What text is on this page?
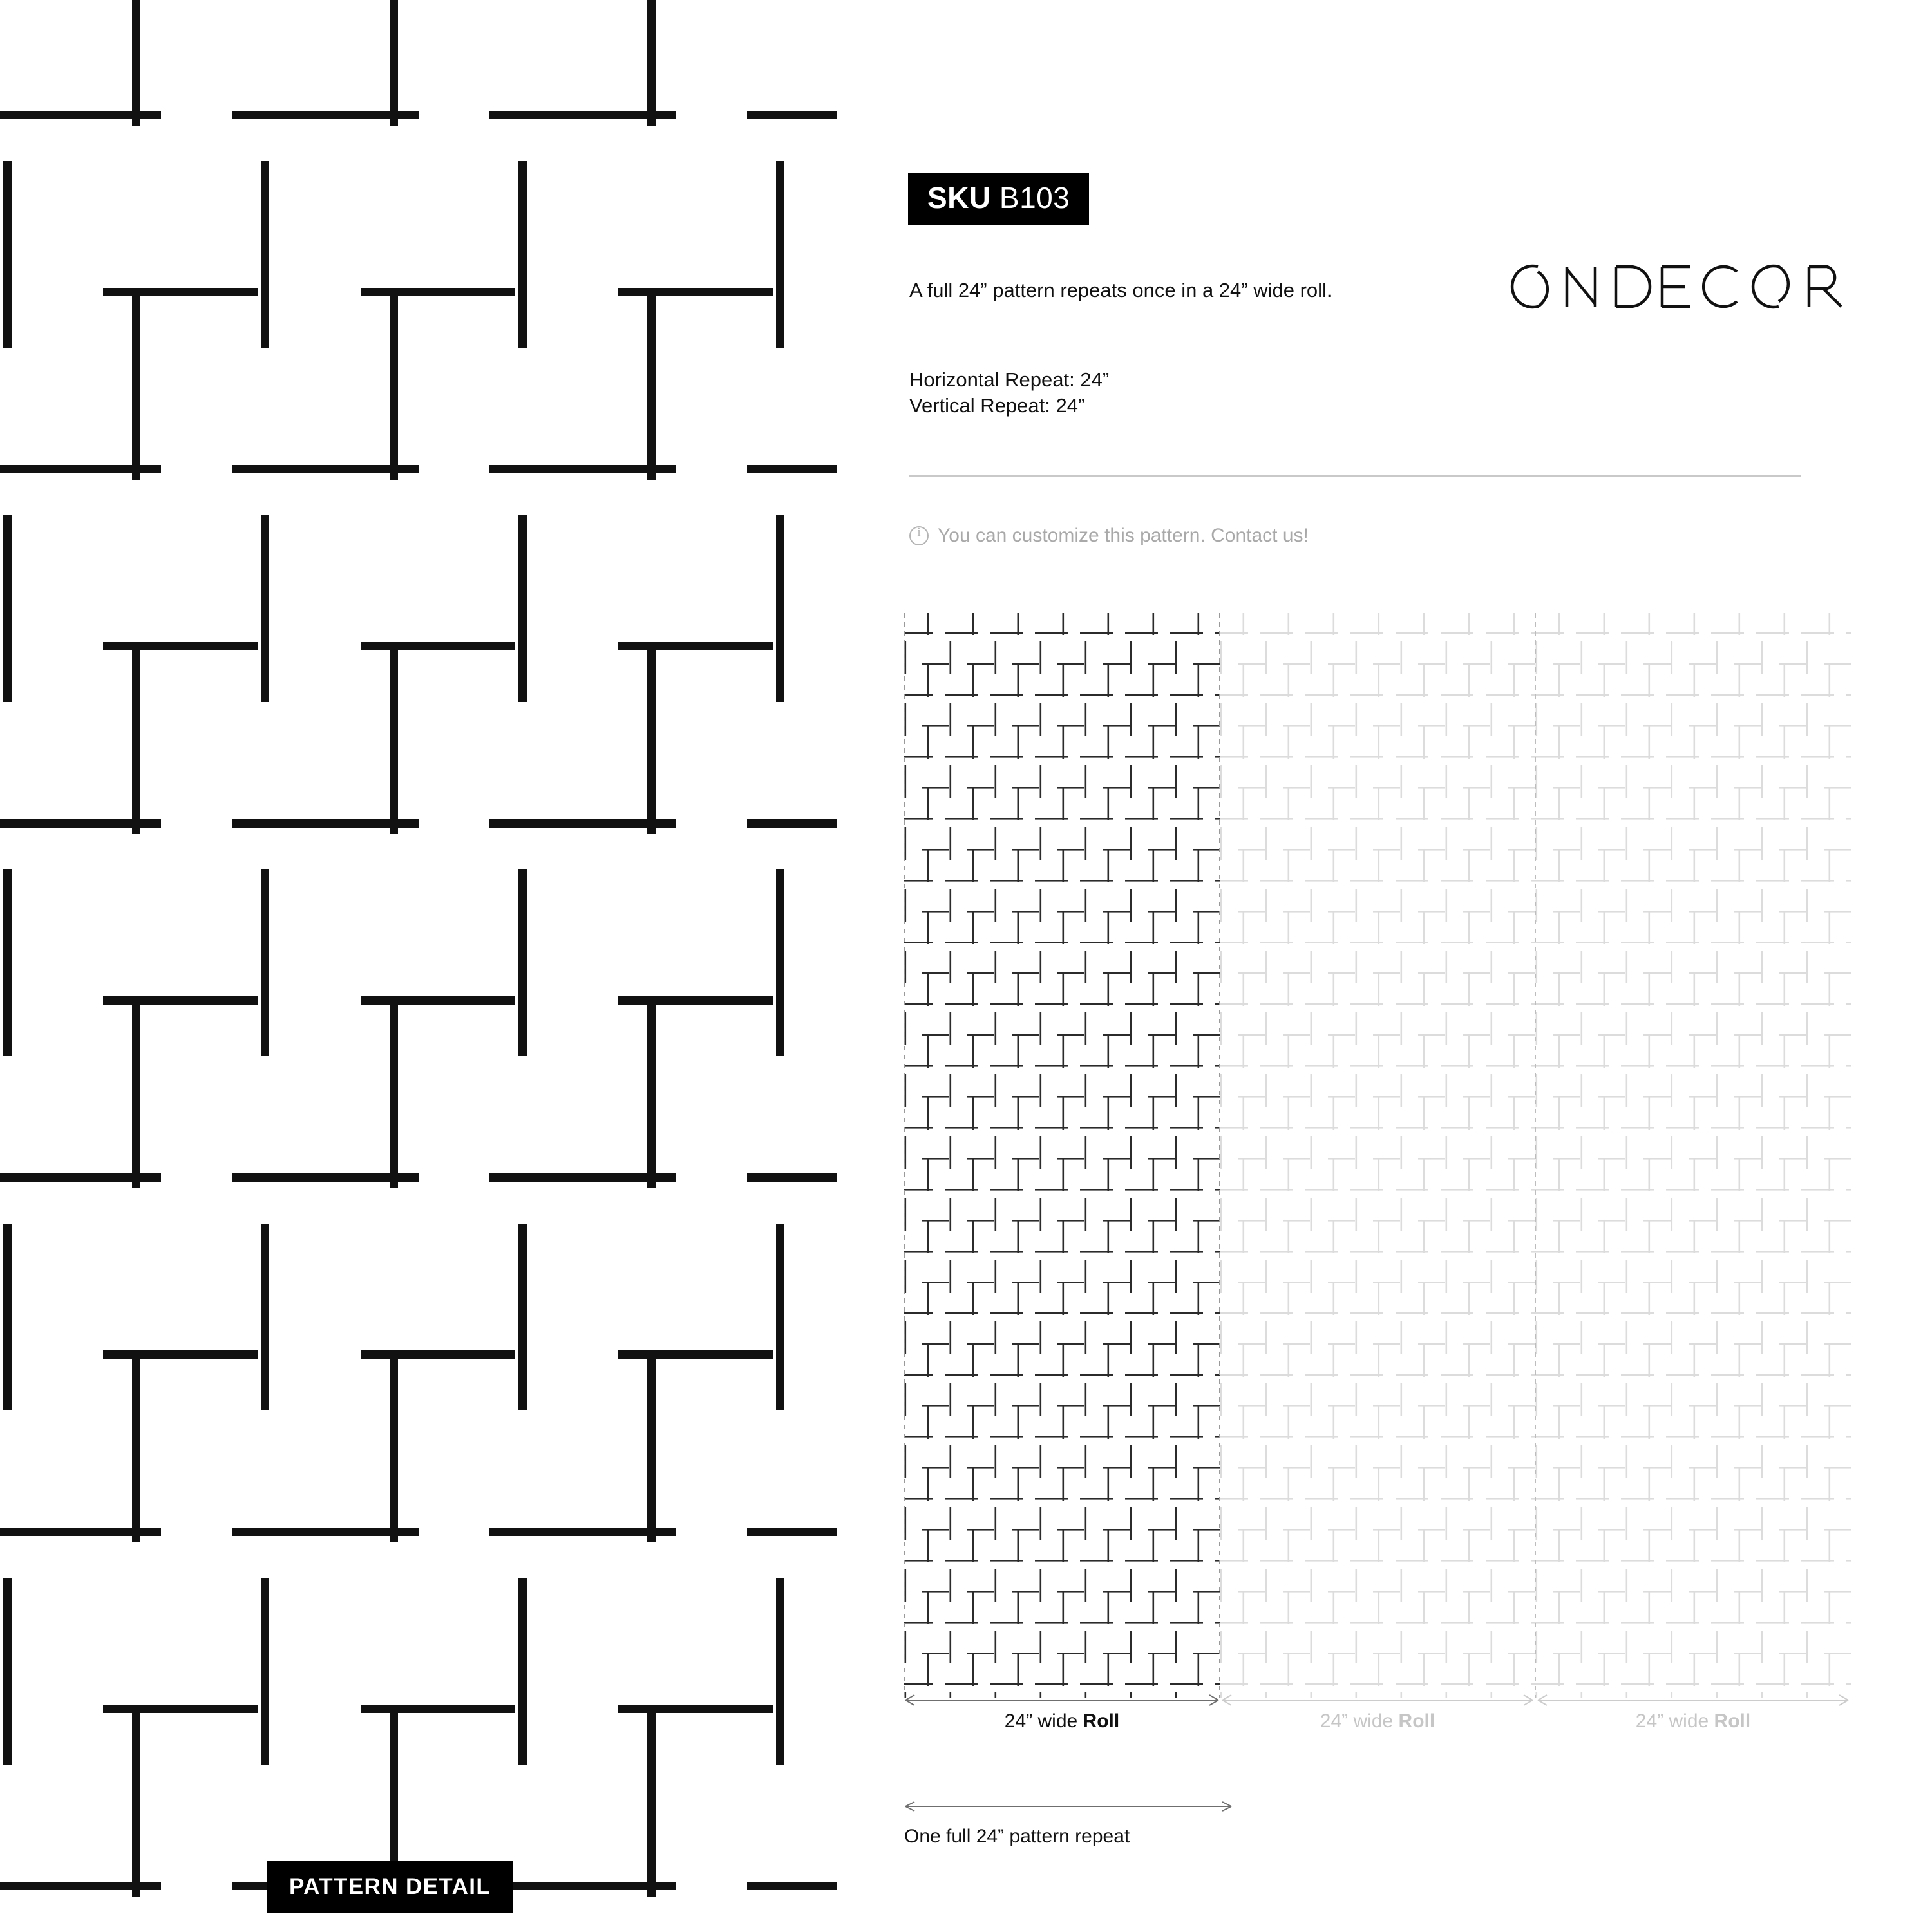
PATTERN DETAIL
SKU B103
A full 24” pattern repeats once in a 24” wide roll.
Horizontal Repeat: 24”
Vertical Repeat: 24”
i
You can customize this pattern. Contact us!
24” wide Roll	24” wide Roll	24” wide Roll
One full 24” pattern repeat
